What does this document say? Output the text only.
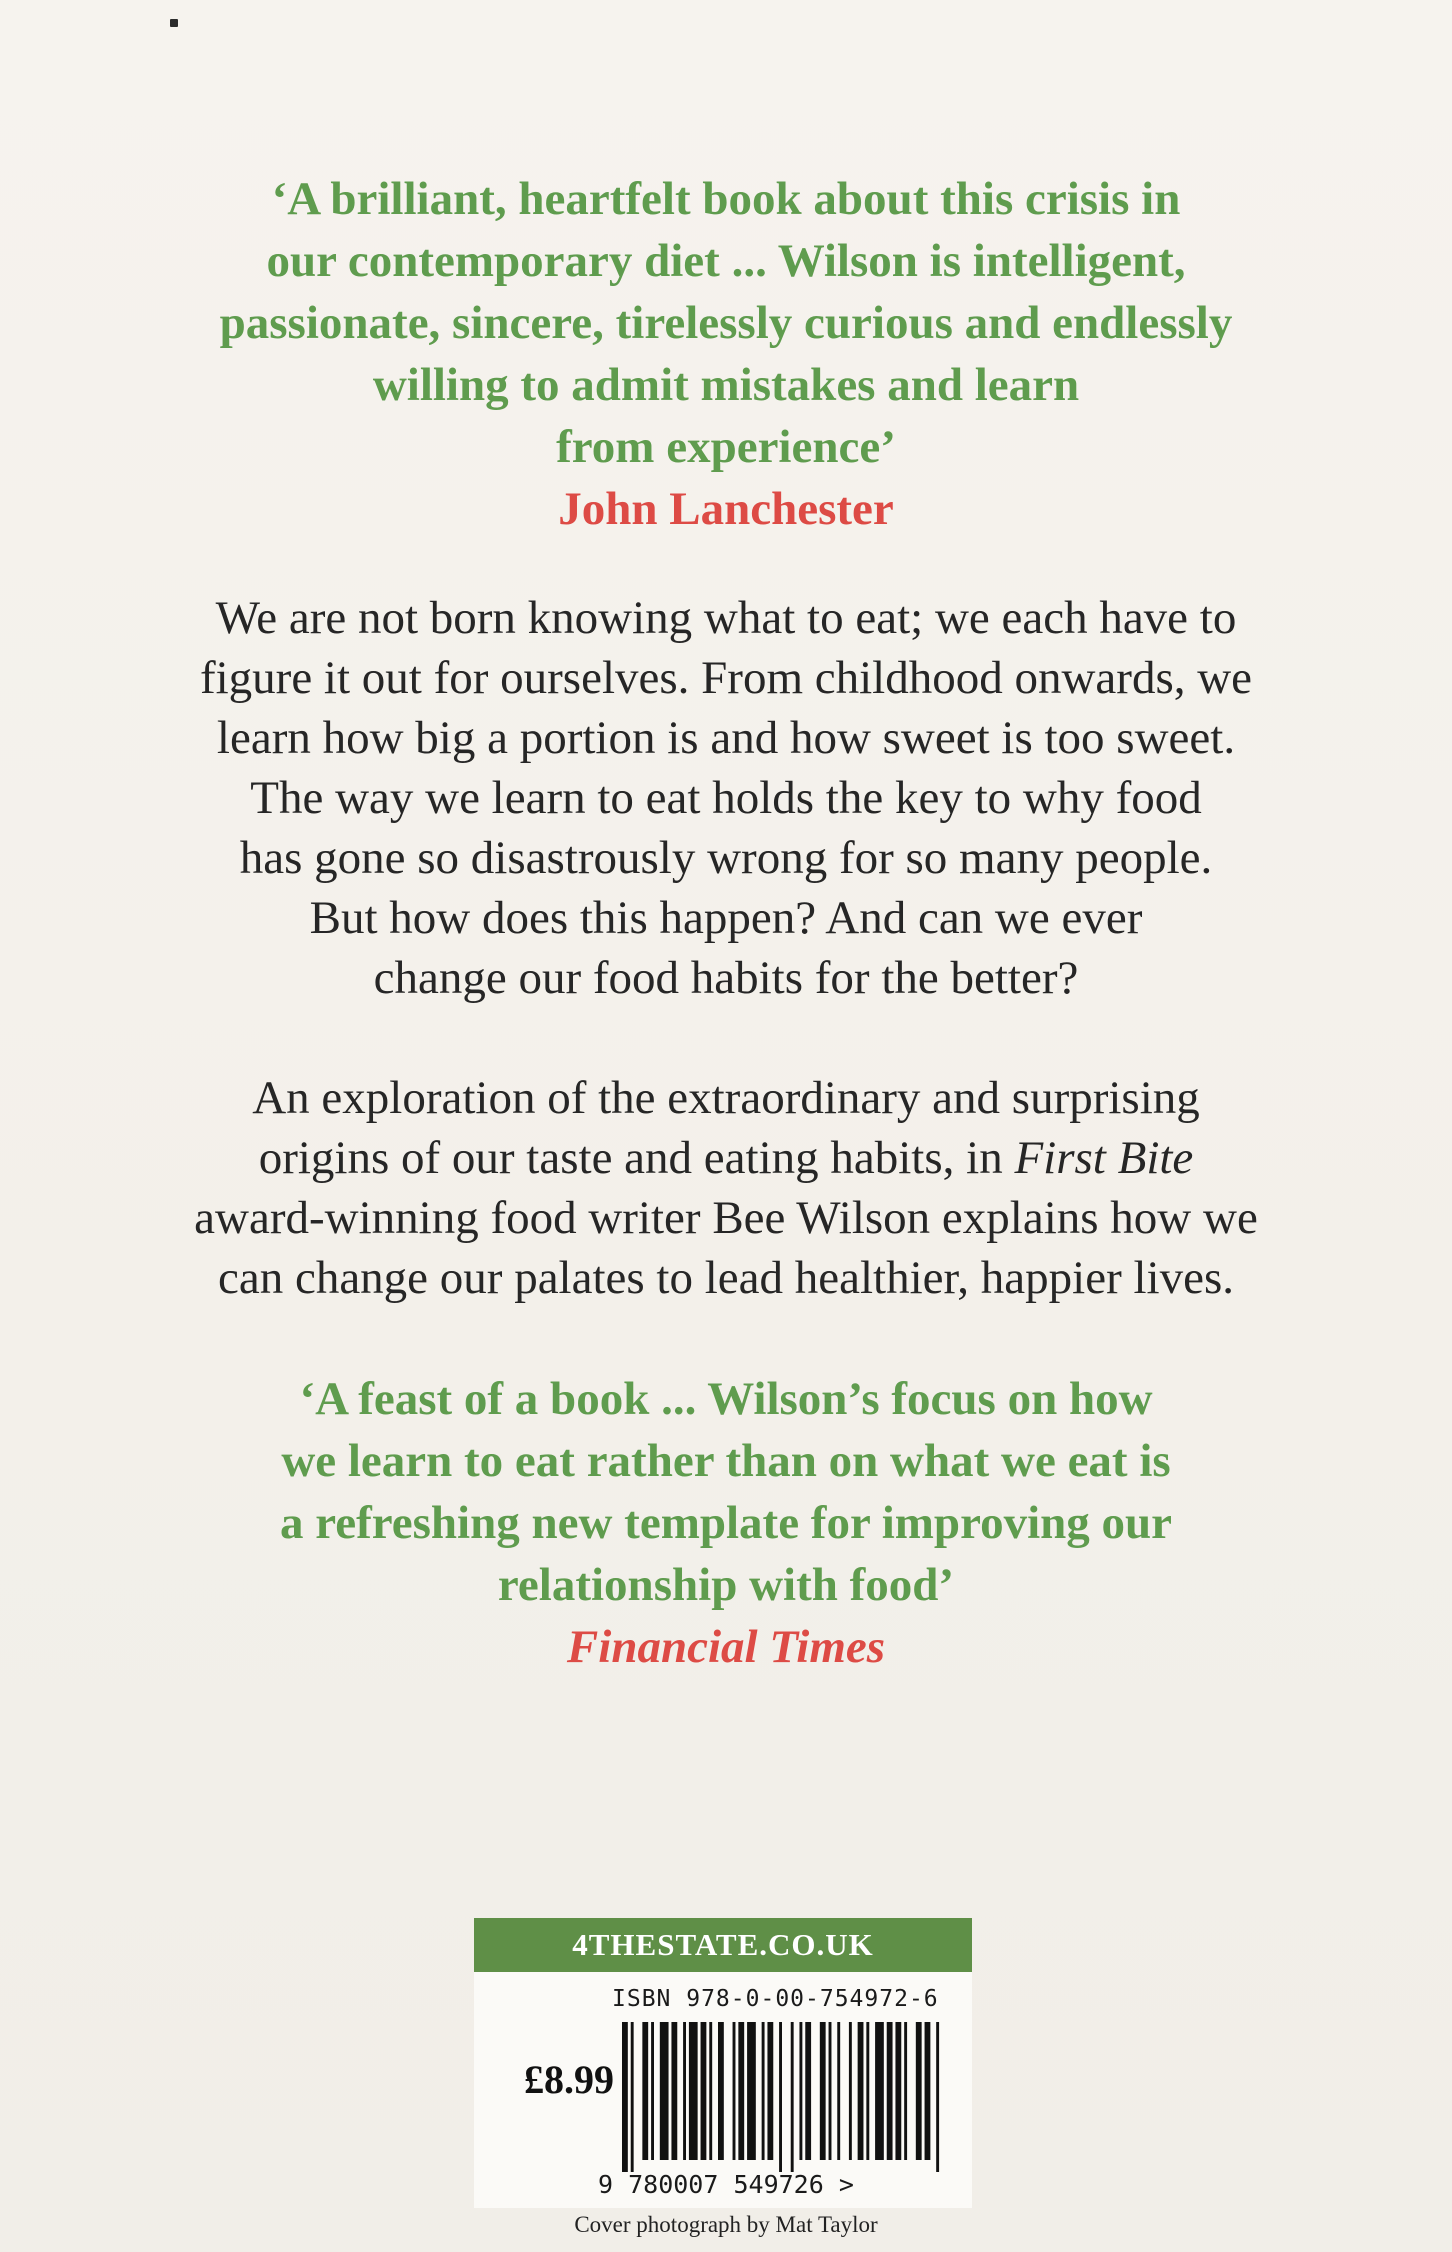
‘A brilliant, heartfelt book about this crisis in

our contemporary diet ... Wilson is intelligent,

passionate, sincere, tirelessly curious and endlessly

willing to admit mistakes and learn

from experience’

John Lanchester

We are not born knowing what to eat; we each have to

figure it out for ourselves. From childhood onwards, we

learn how big a portion is and how sweet is too sweet.

The way we learn to eat holds the key to why food

has gone so disastrously wrong for so many people.

But how does this happen? And can we ever

change our food habits for the better?

An exploration of the extraordinary and surprising

origins of our taste and eating habits, in First Bite

award-winning food writer Bee Wilson explains how we

can change our palates to lead healthier, happier lives.

‘A feast of a book ... Wilson’s focus on how

we learn to eat rather than on what we eat is

a refreshing new template for improving our

relationship with food’

Financial Times

4THESTATE.CO.UK
ISBN 978-0-00-754972-6
£8.99
9 780007 549726 >
Cover photograph by Mat Taylor
